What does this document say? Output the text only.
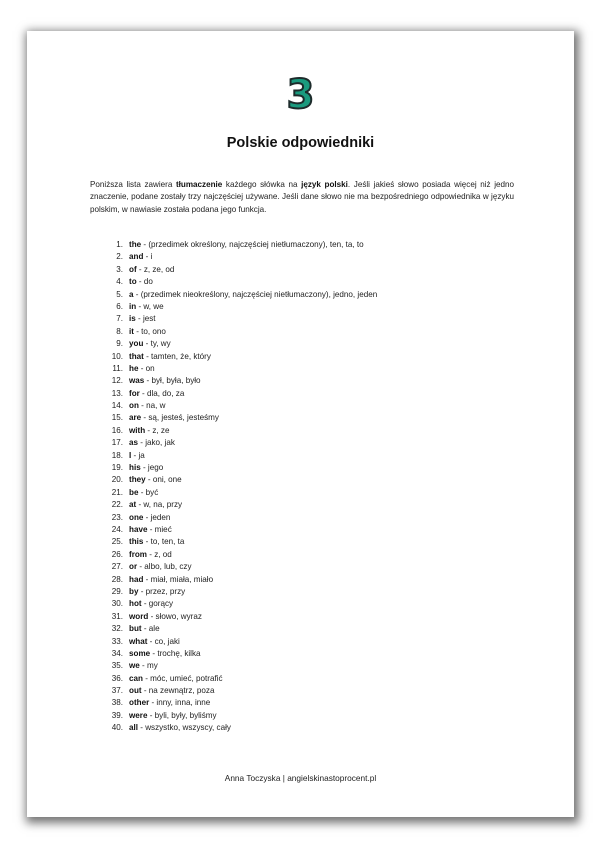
3
Polskie odpowiedniki

Poniższa lista zawiera tłumaczenie każdego słówka na język polski. Jeśli jakieś słowo posiada więcej niż jedno znaczenie, podane zostały trzy najczęściej używane. Jeśli dane słowo nie ma bezpośredniego odpowiednika w języku polskim, w nawiasie została podana jego funkcja.

1. the - (przedimek określony, najczęściej nietłumaczony), ten, ta, to
2. and - i
3. of - z, ze, od
4. to - do
5. a - (przedimek nieokreślony, najczęściej nietłumaczony), jedno, jeden
6. in - w, we
7. is - jest
8. it - to, ono
9. you - ty, wy
10. that - tamten, że, który
11. he - on
12. was - był, była, było
13. for - dla, do, za
14. on - na, w
15. are - są, jesteś, jesteśmy
16. with - z, ze
17. as - jako, jak
18. I - ja
19. his - jego
20. they - oni, one
21. be - być
22. at - w, na, przy
23. one - jeden
24. have - mieć
25. this - to, ten, ta
26. from - z, od
27. or - albo, lub, czy
28. had - miał, miała, miało
29. by - przez, przy
30. hot - gorący
31. word - słowo, wyraz
32. but - ale
33. what - co, jaki
34. some - trochę, kilka
35. we - my
36. can - móc, umieć, potrafić
37. out - na zewnątrz, poza
38. other - inny, inna, inne
39. were - byli, były, byliśmy
40. all - wszystko, wszyscy, cały
Anna Toczyska | angielskinastoprocent.pl
